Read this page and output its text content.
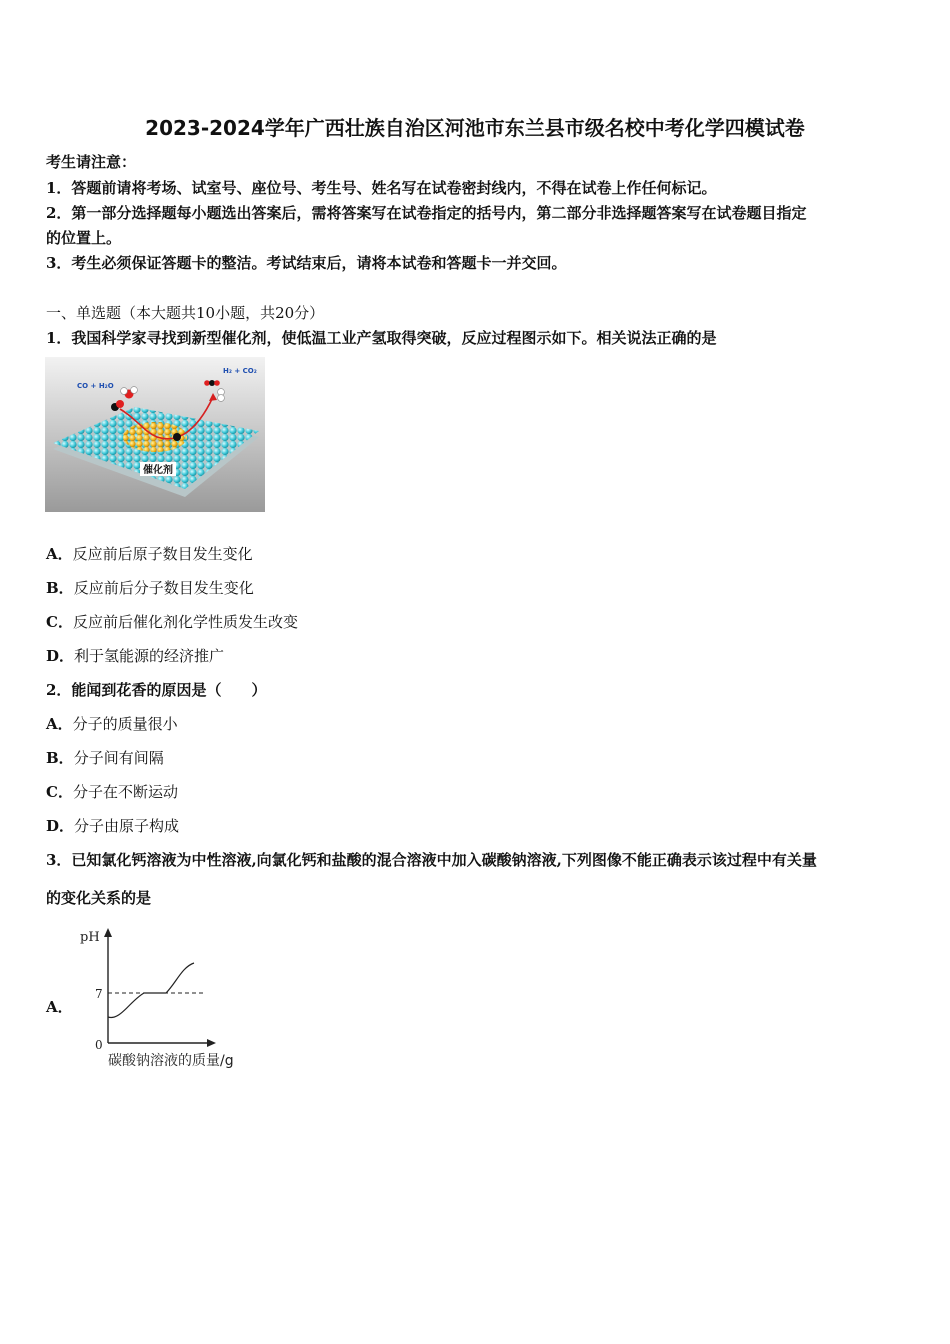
2023-2024学年广西壮族自治区河池市东兰县市级名校中考化学四模试卷
考生请注意：
1．答题前请将考场、试室号、座位号、考生号、姓名写在试卷密封线内，不得在试卷上作任何标记。
2．第一部分选择题每小题选出答案后，需将答案写在试卷指定的括号内，第二部分非选择题答案写在试卷题目指定
的位置上。
3．考生必须保证答题卡的整洁。考试结束后，请将本试卷和答题卡一并交回。
一、单选题（本大题共10小题，共20分）
1．我国科学家寻找到新型催化剂，使低温工业产氢取得突破，反应过程图示如下。相关说法正确的是
CO + H₂O
H₂ + CO₂
催化剂
A．反应前后原子数目发生变化
B．反应前后分子数目发生变化
C．反应前后催化剂化学性质发生改变
D．利于氢能源的经济推广
2．能闻到花香的原因是（　　）
A．分子的质量很小
B．分子间有间隔
C．分子在不断运动
D．分子由原子构成
3．已知氯化钙溶液为中性溶液,向氯化钙和盐酸的混合溶液中加入碳酸钠溶液,下列图像不能正确表示该过程中有关量
的变化关系的是
A．
pH
7
0
碳酸钠溶液的质量/g
